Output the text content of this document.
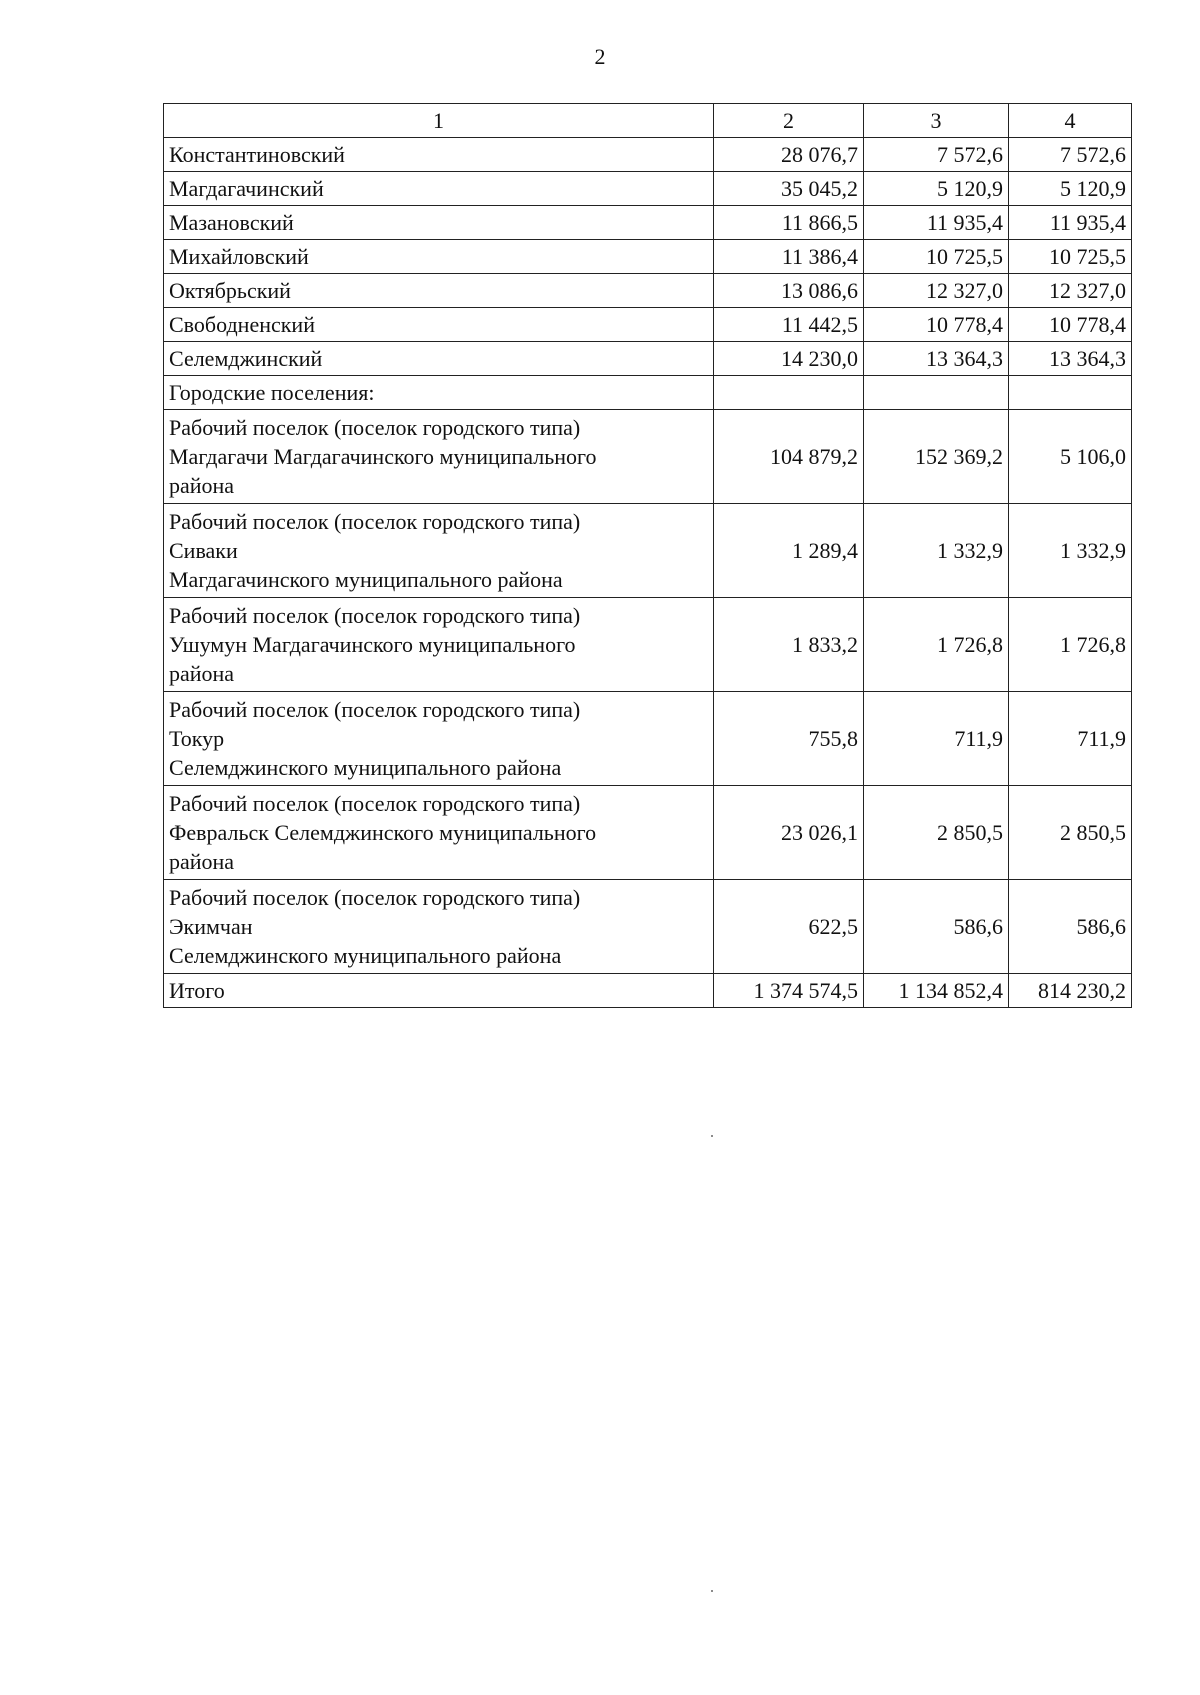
2
1	2	3	4
Константиновский	28 076,7	7 572,6	7 572,6
Магдагачинский	35 045,2	5 120,9	5 120,9
Мазановский	11 866,5	11 935,4	11 935,4
Михайловский	11 386,4	10 725,5	10 725,5
Октябрьский	13 086,6	12 327,0	12 327,0
Свободненский	11 442,5	10 778,4	10 778,4
Селемджинский	14 230,0	13 364,3	13 364,3
Городские поселения:			

Рабочий поселок (поселок городского типа)
Магдагачи Магдагачинского муниципального
района	104 879,2	152 369,2	5 106,0

Рабочий поселок (поселок городского типа)
Сиваки
Магдагачинского муниципального района	1 289,4	1 332,9	1 332,9

Рабочий поселок (поселок городского типа)
Ушумун Магдагачинского муниципального
района	1 833,2	1 726,8	1 726,8

Рабочий поселок (поселок городского типа)
Токур
Селемджинского муниципального района	755,8	711,9	711,9

Рабочий поселок (поселок городского типа)
Февральск Селемджинского муниципального
района	23 026,1	2 850,5	2 850,5

Рабочий поселок (поселок городского типа)
Экимчан
Селемджинского муниципального района	622,5	586,6	586,6
Итого	1 374 574,5	1 134 852,4	814 230,2
